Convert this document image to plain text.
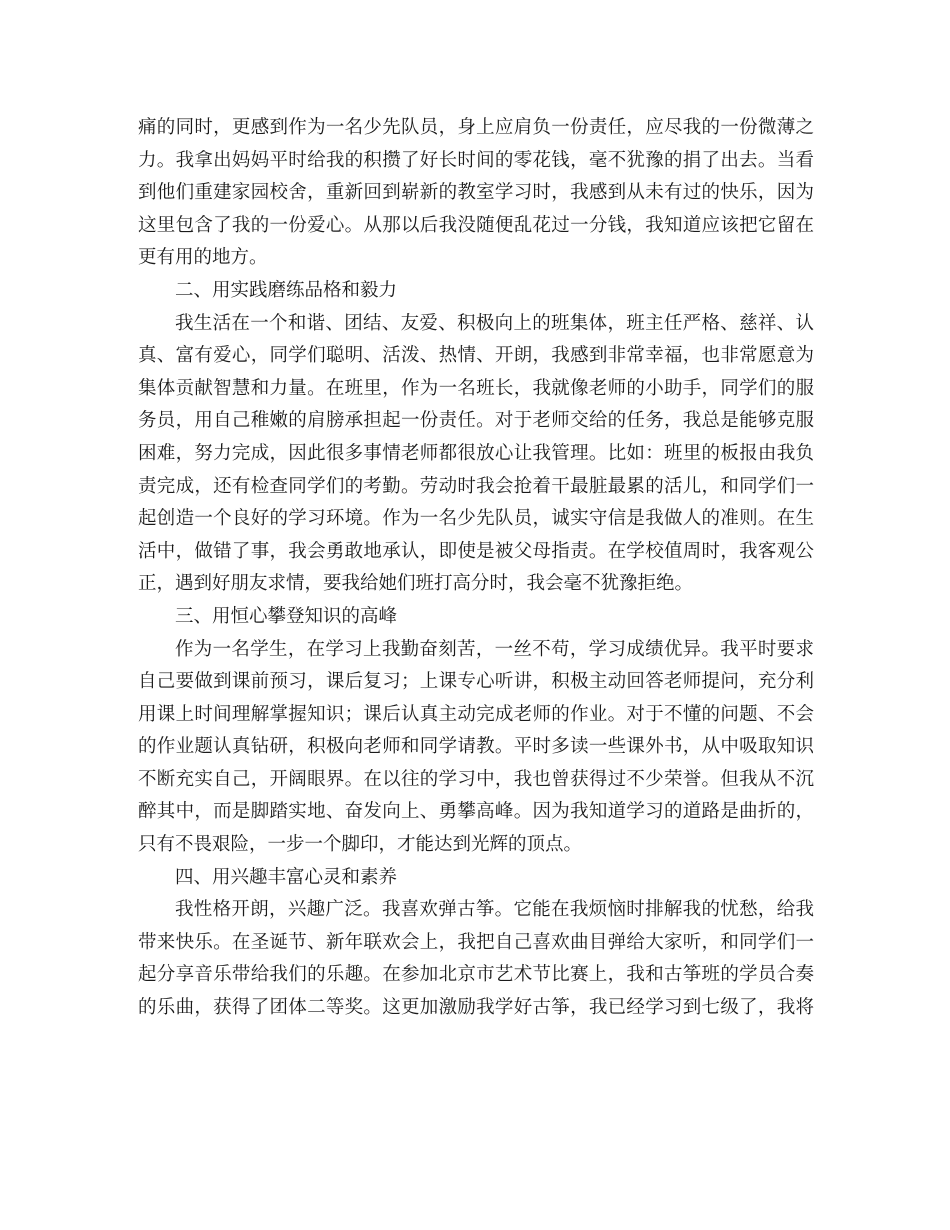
痛的同时，更感到作为一名少先队员，身上应肩负一份责任，应尽我的一份微薄之
力。我拿出妈妈平时给我的积攒了好长时间的零花钱，毫不犹豫的捐了出去。当看
到他们重建家园校舍，重新回到崭新的教室学习时，我感到从未有过的快乐，因为
这里包含了我的一份爱心。从那以后我没随便乱花过一分钱，我知道应该把它留在
更有用的地方。
二、用实践磨练品格和毅力
我生活在一个和谐、团结、友爱、积极向上的班集体，班主任严格、慈祥、认
真、富有爱心，同学们聪明、活泼、热情、开朗，我感到非常幸福，也非常愿意为
集体贡献智慧和力量。在班里，作为一名班长，我就像老师的小助手，同学们的服
务员，用自己稚嫩的肩膀承担起一份责任。对于老师交给的任务，我总是能够克服
困难，努力完成，因此很多事情老师都很放心让我管理。比如：班里的板报由我负
责完成，还有检查同学们的考勤。劳动时我会抢着干最脏最累的活儿，和同学们一
起创造一个良好的学习环境。作为一名少先队员，诚实守信是我做人的准则。在生
活中，做错了事，我会勇敢地承认，即使是被父母指责。在学校值周时，我客观公
正，遇到好朋友求情，要我给她们班打高分时，我会毫不犹豫拒绝。
三、用恒心攀登知识的高峰
作为一名学生，在学习上我勤奋刻苦，一丝不苟，学习成绩优异。我平时要求
自己要做到课前预习，课后复习；上课专心听讲，积极主动回答老师提问，充分利
用课上时间理解掌握知识；课后认真主动完成老师的作业。对于不懂的问题、不会
的作业题认真钻研，积极向老师和同学请教。平时多读一些课外书，从中吸取知识
不断充实自己，开阔眼界。在以往的学习中，我也曾获得过不少荣誉。但我从不沉
醉其中，而是脚踏实地、奋发向上、勇攀高峰。因为我知道学习的道路是曲折的，
只有不畏艰险，一步一个脚印，才能达到光辉的顶点。
四、用兴趣丰富心灵和素养
我性格开朗，兴趣广泛。我喜欢弹古筝。它能在我烦恼时排解我的忧愁，给我
带来快乐。在圣诞节、新年联欢会上，我把自己喜欢曲目弹给大家听，和同学们一
起分享音乐带给我们的乐趣。在参加北京市艺术节比赛上，我和古筝班的学员合奏
的乐曲，获得了团体二等奖。这更加激励我学好古筝，我已经学习到七级了，我将
